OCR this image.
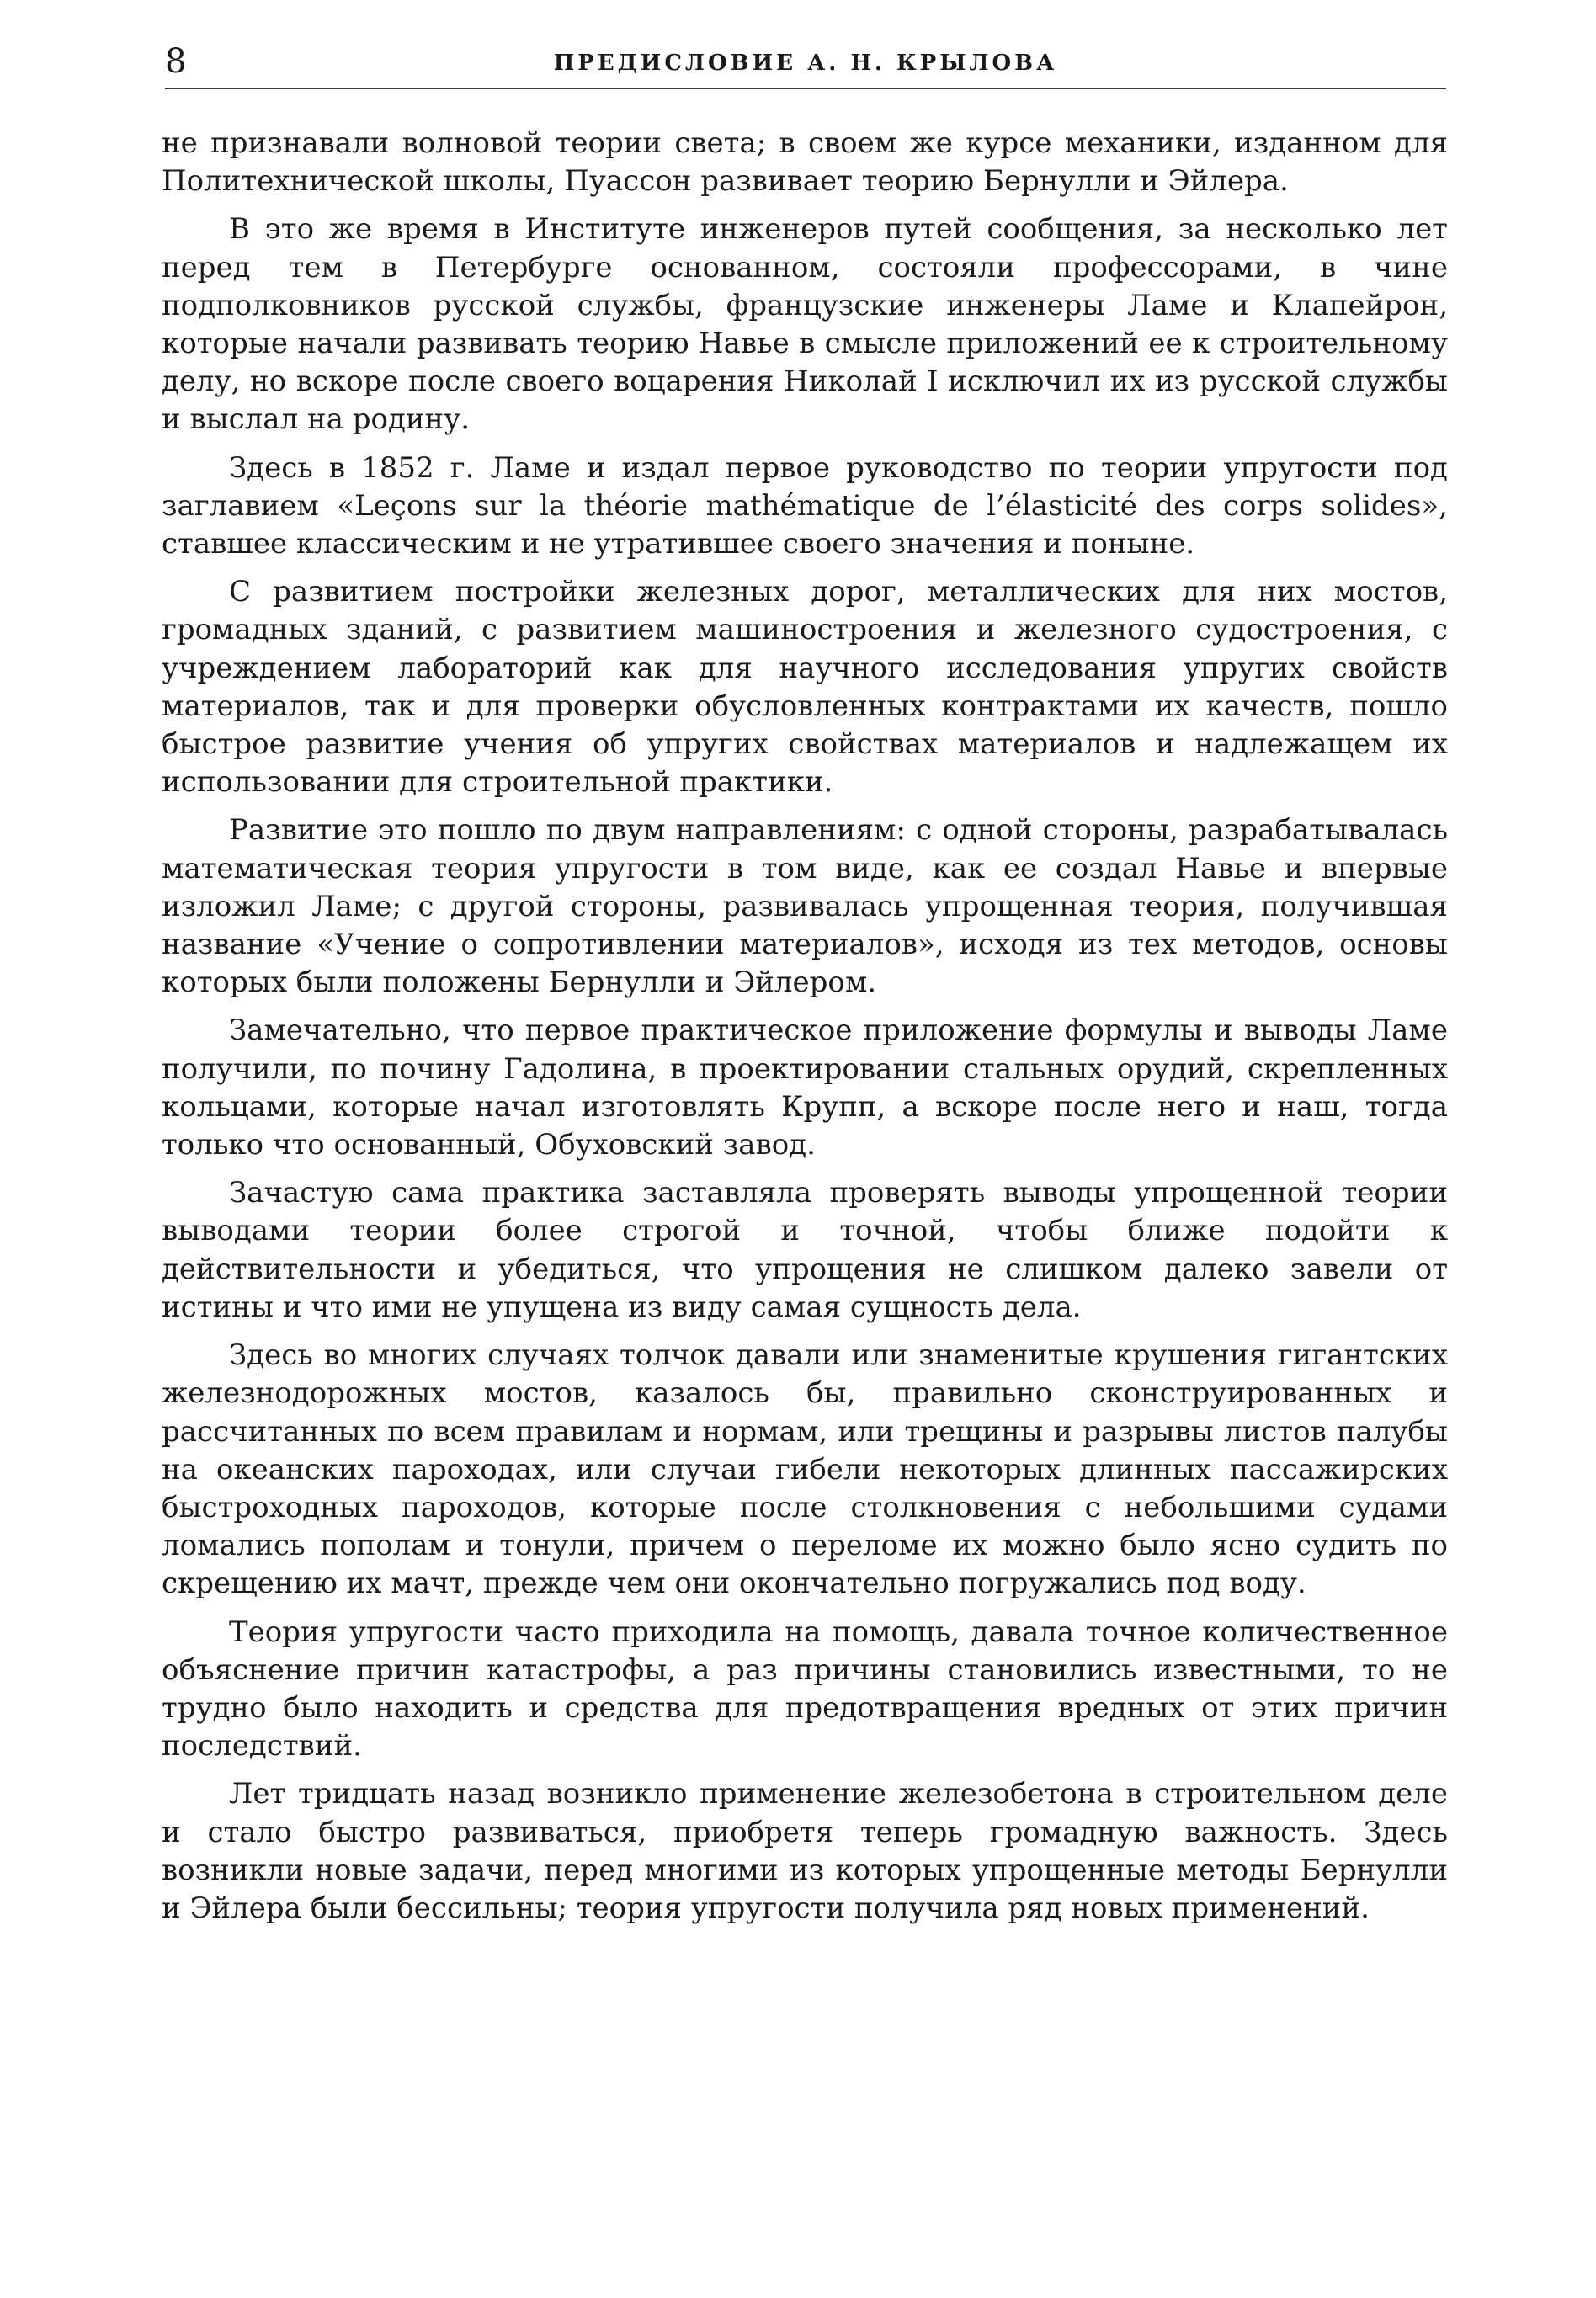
8	ПРЕДИСЛОВИЕ А. Н. КРЫЛОВА

не признавали волновой теории света; в своем же курсе механики, изданном для Политехнической школы, Пуассон развивает теорию Бернулли и Эйлера.

В это же время в Институте инженеров путей сообщения, за несколько лет перед тем в Петербурге основанном, состояли профессорами, в чине подполковников русской службы, французские инженеры Ламе и Клапейрон, которые начали развивать теорию Навье в смысле приложений ее к строительному делу, но вскоре после своего воцарения Николай I исключил их из русской службы и выслал на родину.

Здесь в 1852 г. Ламе и издал первое руководство по теории упругости под заглавием «Leçons sur la théorie mathématique de l’élasticité des corps solides», ставшее классическим и не утратившее своего значения и поныне.

С развитием постройки железных дорог, металлических для них мостов, громадных зданий, с развитием машиностроения и железного судостроения, с учреждением лабораторий как для научного исследования упругих свойств материалов, так и для проверки обусловленных контрактами их качеств, пошло быстрое развитие учения об упругих свойствах материалов и надлежащем их использовании для строительной практики.

Развитие это пошло по двум направлениям: с одной стороны, разрабатывалась математическая теория упругости в том виде, как ее создал Навье и впервые изложил Ламе; с другой стороны, развивалась упрощенная теория, получившая название «Учение о сопротивлении материалов», исходя из тех методов, основы которых были положены Бернулли и Эйлером.

Замечательно, что первое практическое приложение формулы и выводы Ламе получили, по почину Гадолина, в проектировании стальных орудий, скрепленных кольцами, которые начал изготовлять Крупп, а вскоре после него и наш, тогда только что основанный, Обуховский завод.

Зачастую сама практика заставляла проверять выводы упрощенной теории выводами теории более строгой и точной, чтобы ближе подойти к действительности и убедиться, что упрощения не слишком далеко завели от истины и что ими не упущена из виду самая сущность дела.

Здесь во многих случаях толчок давали или знаменитые крушения гигантских железнодорожных мостов, казалось бы, правильно сконструированных и рассчитанных по всем правилам и нормам, или трещины и разрывы листов палубы на океанских пароходах, или случаи гибели некоторых длинных пассажирских быстроходных пароходов, которые после столкновения с небольшими судами ломались пополам и тонули, причем о переломе их можно было ясно судить по скрещению их мачт, прежде чем они окончательно погружались под воду.

Теория упругости часто приходила на помощь, давала точное количественное объяснение причин катастрофы, а раз причины становились известными, то не трудно было находить и средства для предотвращения вредных от этих причин последствий.

Лет тридцать назад возникло применение железобетона в строительном деле и стало быстро развиваться, приобретя теперь громадную важность. Здесь возникли новые задачи, перед многими из которых упрощенные методы Бернулли и Эйлера были бессильны; теория упругости получила ряд новых применений.
